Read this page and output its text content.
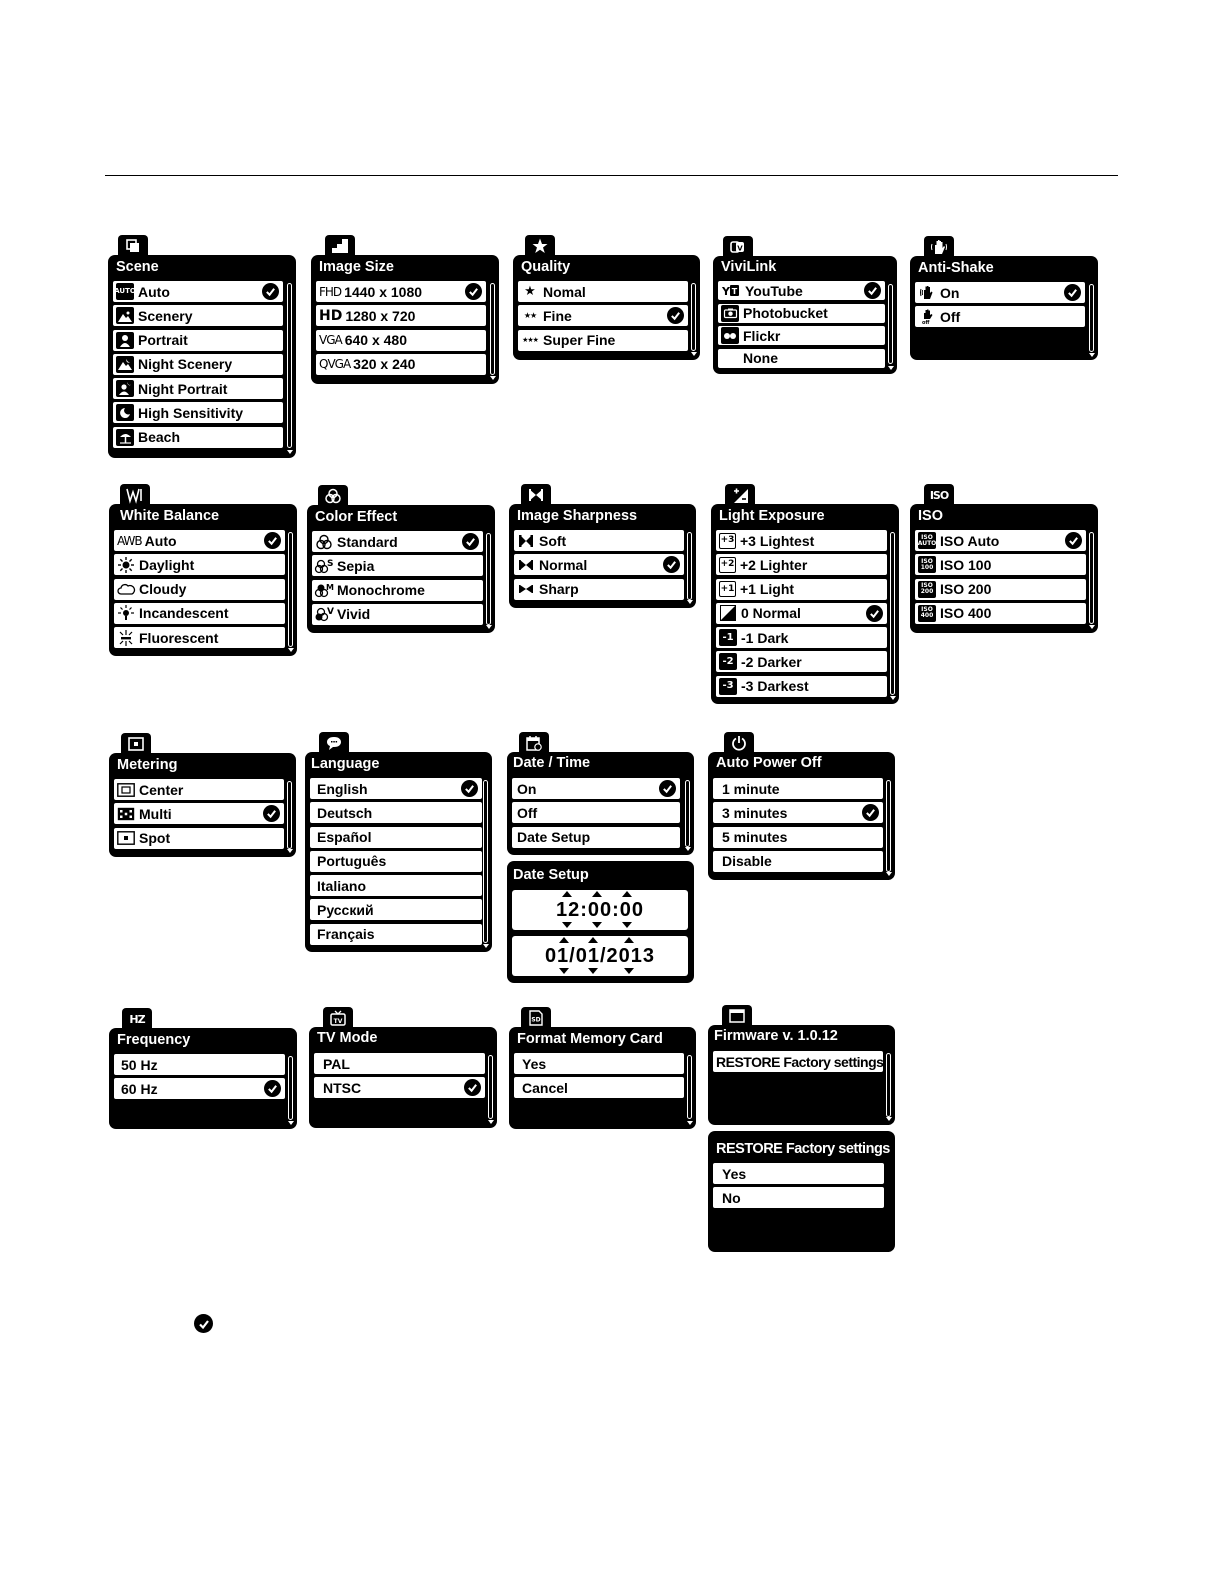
Scene
AUTO Auto
Scenery
Portrait
Night Scenery
Night Portrait
High Sensitivity
Beach
Image Size
FHD 1440 x 1080
HD 1280 x 720
VGA 640 x 480
QVGA 320 x 240
Quality
★ Nomal
★★ Fine
★★★ Super Fine
V
ViviLink
Y T YouTube
Photobucket
Flickr
None
Anti-Shake
On
off Off
White Balance
AWB Auto
Daylight
Cloudy
Incandescent
Fluorescent
Color Effect
Standard
S Sepia
M Monochrome
V Vivid
Image Sharpness
Soft
Normal
Sharp
Light Exposure
+3 +3 Lightest
+2 +2 Lighter
+1 +1 Light
0 Normal
-1 -1 Dark
-2 -2 Darker
-3 -3 Darkest
ISO
ISO
ISO
AUTO ISO Auto
ISO
100 ISO 100
ISO
200 ISO 200
ISO
400 ISO 400
Metering
Center
Multi
Spot
Language
English
Deutsch
Español
Português
Italiano
Русский
Français
Date / Time
On
Off
Date Setup
Date Setup
12:00:00
01/01/2013
Auto Power Off
1 minute
3 minutes
5 minutes
Disable
HZ
Frequency
50 Hz
60 Hz
TV
TV Mode
PAL
NTSC
SD
Format Memory Card
Yes
Cancel
Firmware v. 1.0.12
RESTORE Factory settings
RESTORE Factory settings
Yes
No
